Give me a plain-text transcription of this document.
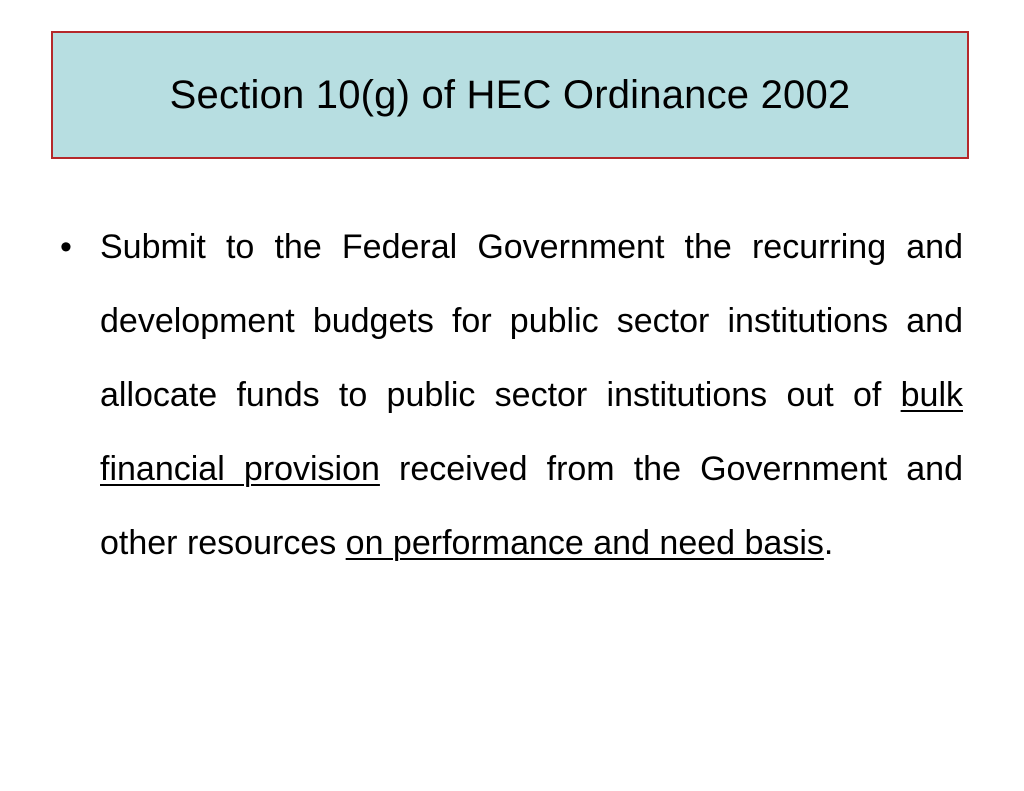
Section 10(g) of HEC Ordinance 2002
• Submit to the Federal Government the recurring and development budgets for public sector institutions and allocate funds to public sector institutions out of bulk financial provision received from the Government and other resources on performance and need basis.
